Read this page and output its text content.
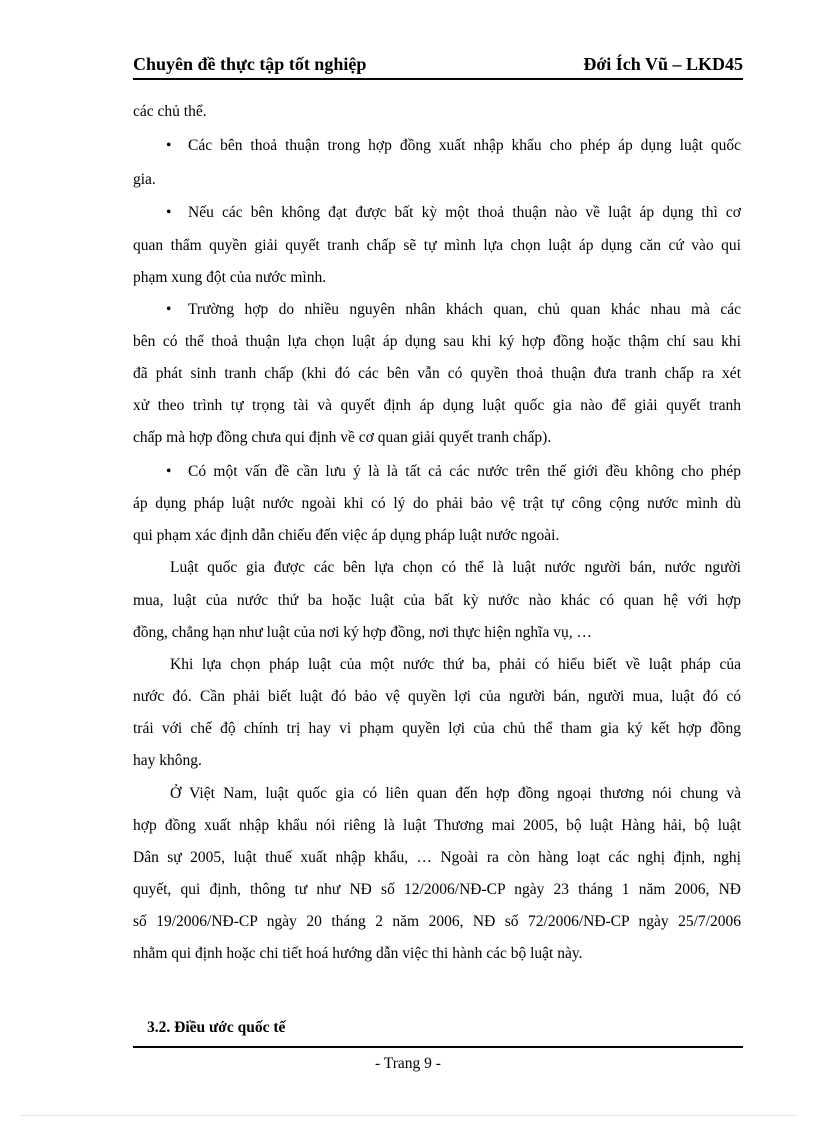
Chuyên đề thực tập tốt nghiệp	Đới Ích Vũ – LKD45
các chủ thể.
• Các bên thoả thuận trong hợp đồng xuất nhập khẩu cho phép áp dụng luật quốc
gia.
• Nếu các bên không đạt được bất kỳ một thoả thuận nào về luật áp dụng thì cơ
quan thẩm quyền giải quyết tranh chấp sẽ tự mình lựa chọn luật áp dụng căn cứ vào qui
phạm xung đột của nước mình.
• Trường hợp do nhiều nguyên nhân khách quan, chủ quan khác nhau mà các
bên có thể thoả thuận lựa chọn luật áp dụng sau khi ký hợp đồng hoặc thậm chí sau khi
đã phát sinh tranh chấp (khi đó các bên vẫn có quyền thoả thuận đưa tranh chấp ra xét
xử theo trình tự trọng tài và quyết định áp dụng luật quốc gia nào để giải quyết tranh
chấp mà hợp đồng chưa qui định về cơ quan giải quyết tranh chấp).
• Có một vấn đề cần lưu ý là là tất cả các nước trên thế giới đều không cho phép
áp dụng pháp luật nước ngoài khi có lý do phải bảo vệ trật tự công cộng nước mình dù
qui phạm xác định dẫn chiếu đến việc áp dụng pháp luật nước ngoài.
Luật quốc gia được các bên lựa chọn có thể là luật nước người bán, nước người
mua, luật của nước thứ ba hoặc luật của bất kỳ nước nào khác có quan hệ với hợp
đồng, chẳng hạn như luật của nơi ký hợp đồng, nơi thực hiện nghĩa vụ, …
Khi lựa chọn pháp luật của một nước thứ ba, phải có hiểu biết về luật pháp của
nước đó. Cần phải biết luật đó bảo vệ quyền lợi của người bán, người mua, luật đó có
trái với chế độ chính trị hay vi phạm quyền lợi của chủ thể tham gia ký kết hợp đồng
hay không.
Ở Việt Nam, luật quốc gia có liên quan đến hợp đồng ngoại thương nói chung và
hợp đồng xuất nhập khẩu nói riêng là luật Thương mai 2005, bộ luật Hàng hải, bộ luật
Dân sự 2005, luật thuế xuất nhập khẩu, … Ngoài ra còn hàng loạt các nghị định, nghị
quyết, qui định, thông tư như NĐ số 12/2006/NĐ-CP ngày 23 tháng 1 năm 2006, NĐ
số 19/2006/NĐ-CP ngày 20 tháng 2 năm 2006, NĐ số 72/2006/NĐ-CP ngày 25/7/2006
nhằm qui định hoặc chi tiết hoá hướng dẫn việc thi hành các bộ luật này.
3.2. Điều ước quốc tế
- Trang 9 -
